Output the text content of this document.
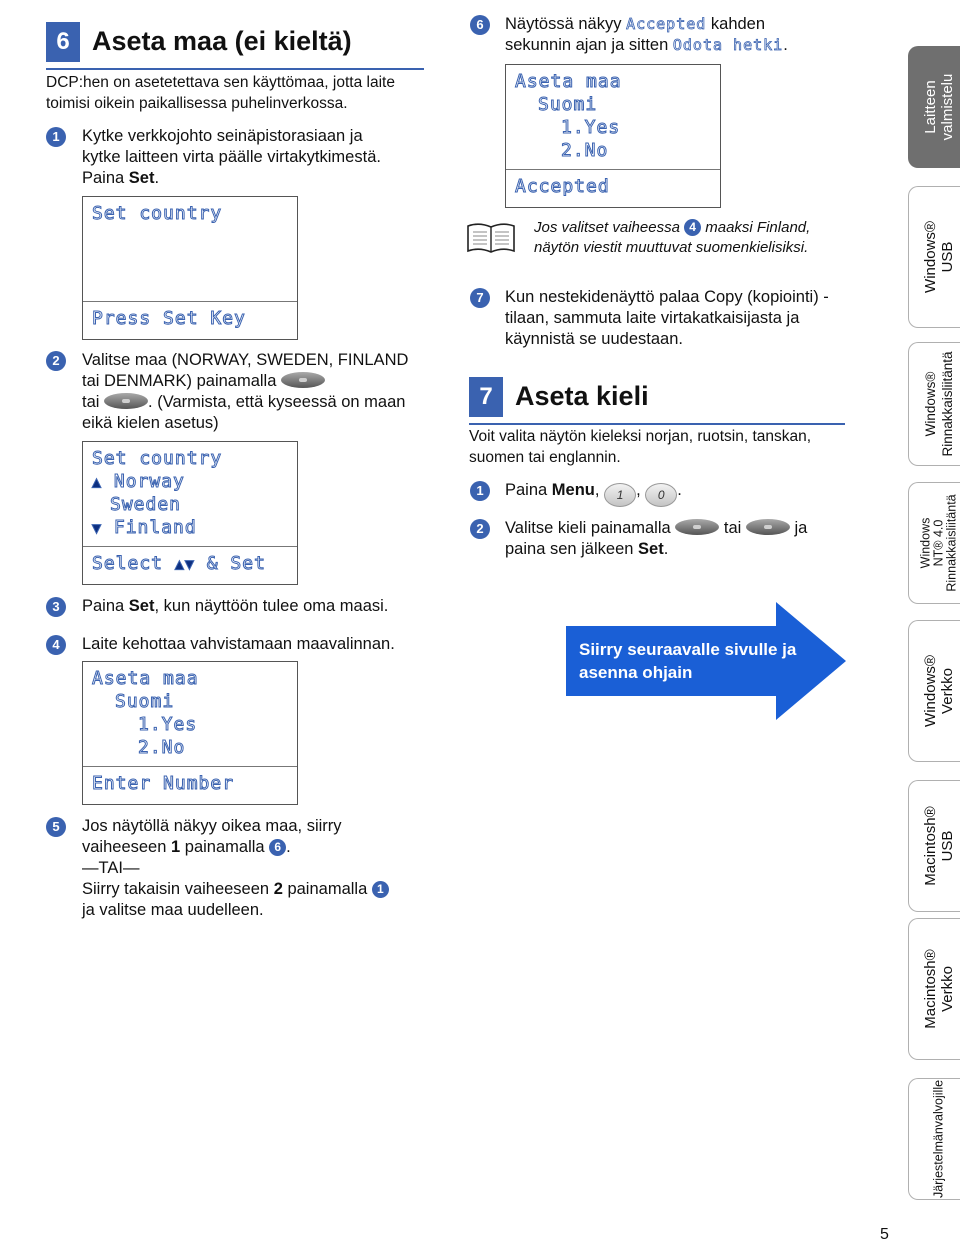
6 Aseta maa (ei kieltä)
DCP:hen on asetetettava sen käyttömaa, jotta laite toimisi oikein paikallisessa puhelinverkossa.
1	Kytke verkkojohto seinäpistorasiaan ja kytke laitteen virta päälle virtakytkimestä. Paina Set.
Set country
Press Set Key
2	Valitse maa (NORWAY, SWEDEN, FINLAND tai DENMARK) painamalla
tai	. (Varmista, että kyseessä on maan eikä kielen asetus)
Set country
▲ Norway
Sweden
▼ Finland
Select ▲▼ & Set
3	Paina Set, kun näyttöön tulee oma maasi.
4	Laite kehottaa vahvistamaan maavalinnan.
Aseta maa
Suomi
1.Yes
2.No
Enter Number
5	Jos näytöllä näkyy oikea maa, siirry vaiheeseen 1 painamalla 6 .
—TAI—
Siirry takaisin vaiheeseen 2 painamalla 1
ja valitse maa uudelleen.
6	Näytössä näkyy Accepted kahden sekunnin ajan ja sitten Odota hetki.
Aseta maa
Suomi
1.Yes
2.No
Accepted
Jos valitset vaiheessa 4 maaksi Finland, näytön viestit muuttuvat suomenkielisiksi.
7	Kun nestekidenäyttö palaa Copy (kopiointi) -tilaan, sammuta laite virtakatkaisijasta ja käynnistä se uudestaan.
7 Aseta kieli
Voit valita näytön kieleksi norjan, ruotsin, tanskan, suomen tai englannin.
1	Paina Menu, 1 , 0 .
2	Valitse kieli painamalla	tai	ja
paina sen jälkeen Set.
Siirry seuraavalle sivulle ja asenna ohjain
Laitteen valmistelu
Windows® USB
Windows® Rinnakkaisliitäntä
Windows NT® 4.0 Rinnakkaisliitäntä
Windows® Verkko
Macintosh® USB
Macintosh® Verkko
Järjestelmänvalvojille
5
